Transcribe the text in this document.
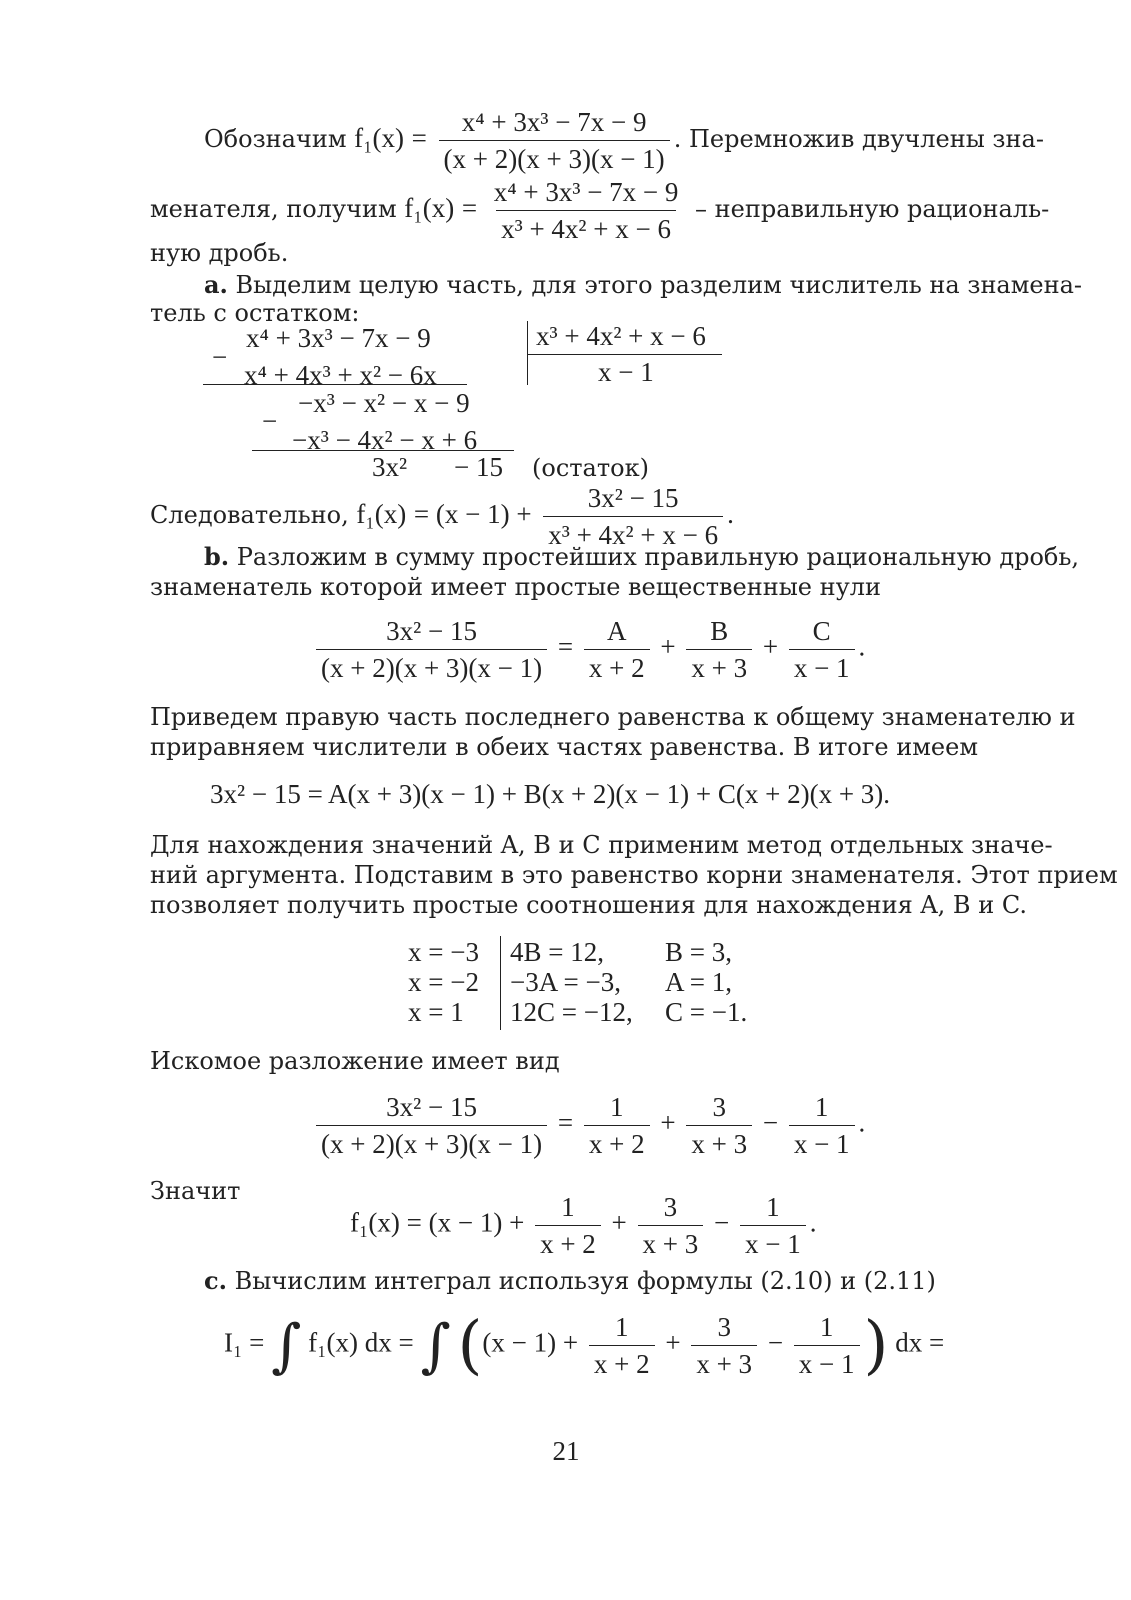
Обозначим $f_1(x) = \frac{\text{x⁴ + 3x³ − 7x − 9}}{(x + 2)(x + 3)(x - 1)}$ . Перемножив двучлены зна-
менателя, получим $f_1(x) = \frac{\text{x⁴ + 3x³ − 7x − 9}}{\text{x³ + 4x² + x − 6}}$ – неправильную рациональ-
ную дробь.
a. Выделим целую часть, для этого разделим числитель на знамена-
тель с остатком:
x⁴ + 3x³ − 7x − 9
−
x⁴ + 4x³ + x² − 6x
−x³ − x² − x − 9
−
−x³ − 4x² − x + 6
3x² − 15 (остаток)
x³ + 4x² + x − 6
x − 1
Следовательно, $f_1(x) = (x - 1) + \frac{\text{3x² − 15}}{\text{x³ + 4x² + x − 6}}$ .
b. Разложим в сумму простейших правильную рациональную дробь,
знаменатель которой имеет простые вещественные нули
$\frac{\text{3x² − 15}}{(x + 2)(x + 3)(x - 1)} = \frac{A}{x + 2} + \frac{B}{x + 3} + \frac{C}{x - 1}$ .
Приведем правую часть последнего равенства к общему знаменателю и
приравняем числители в обеих частях равенства. В итоге имеем
3x² − 15 = A(x + 3)(x − 1) + B(x + 2)(x − 1) + C(x + 2)(x + 3).
Для нахождения значений A, B и C применим метод отдельных значе-
ний аргумента. Подставим в это равенство корни знаменателя. Этот прием
позволяет получить простые соотношения для нахождения A, B и C.
x = −3 4B = 12, B = 3,
x = −2 −3A = −3, A = 1,
x = 1 12C = −12, C = −1.
Искомое разложение имеет вид
$\frac{\text{3x² − 15}}{(x + 2)(x + 3)(x - 1)} = \frac{1}{x + 2} + \frac{3}{x + 3} - \frac{1}{x - 1}$ .
Значит
$f_1(x) = (x - 1) + \frac{1}{x + 2} + \frac{3}{x + 3} - \frac{1}{x - 1}$ .
c. Вычислим интеграл используя формулы (2.10) и (2.11)
I₁ = ∫ f₁(x) dx = ∫ ($(x - 1) + \frac{1}{x + 2} + \frac{3}{x + 3} - \frac{1}{x - 1}$ ) dx =
21
